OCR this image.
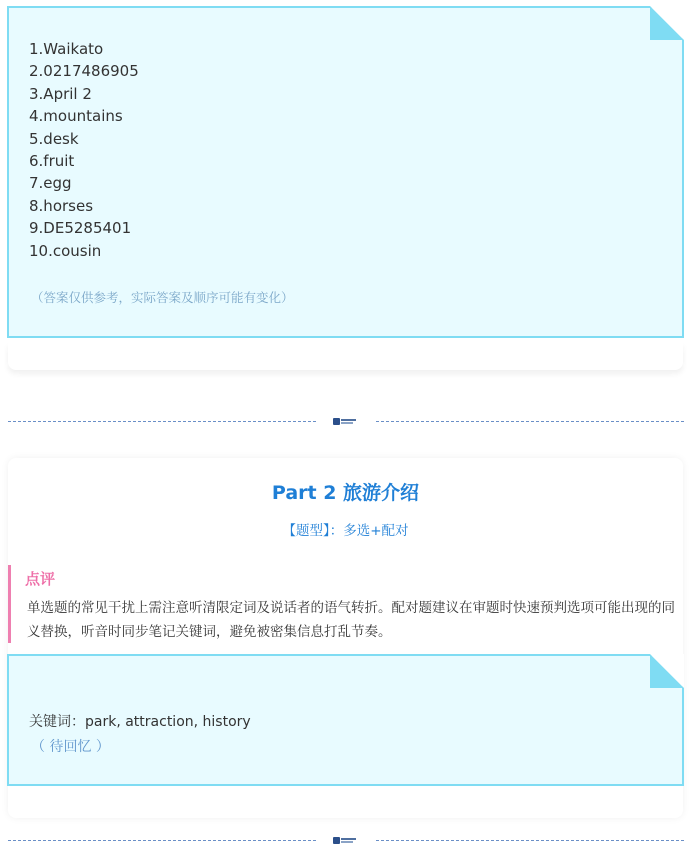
1.Waikato
2.0217486905
3.April 2
4.mountains
5.desk
6.fruit
7.egg
8.horses
9.DE5285401
10.cousin
（答案仅供参考，实际答案及顺序可能有变化）
Part 2 旅游介绍
【题型】：多选+配对
点评
单选题的常见干扰上需注意听清限定词及说话者的语气转折。配对题建议在审题时快速预判选项可能出现的同义替换，听音时同步笔记关键词，避免被密集信息打乱节奏。
关键词：park, attraction, history
（ 待回忆 ）
